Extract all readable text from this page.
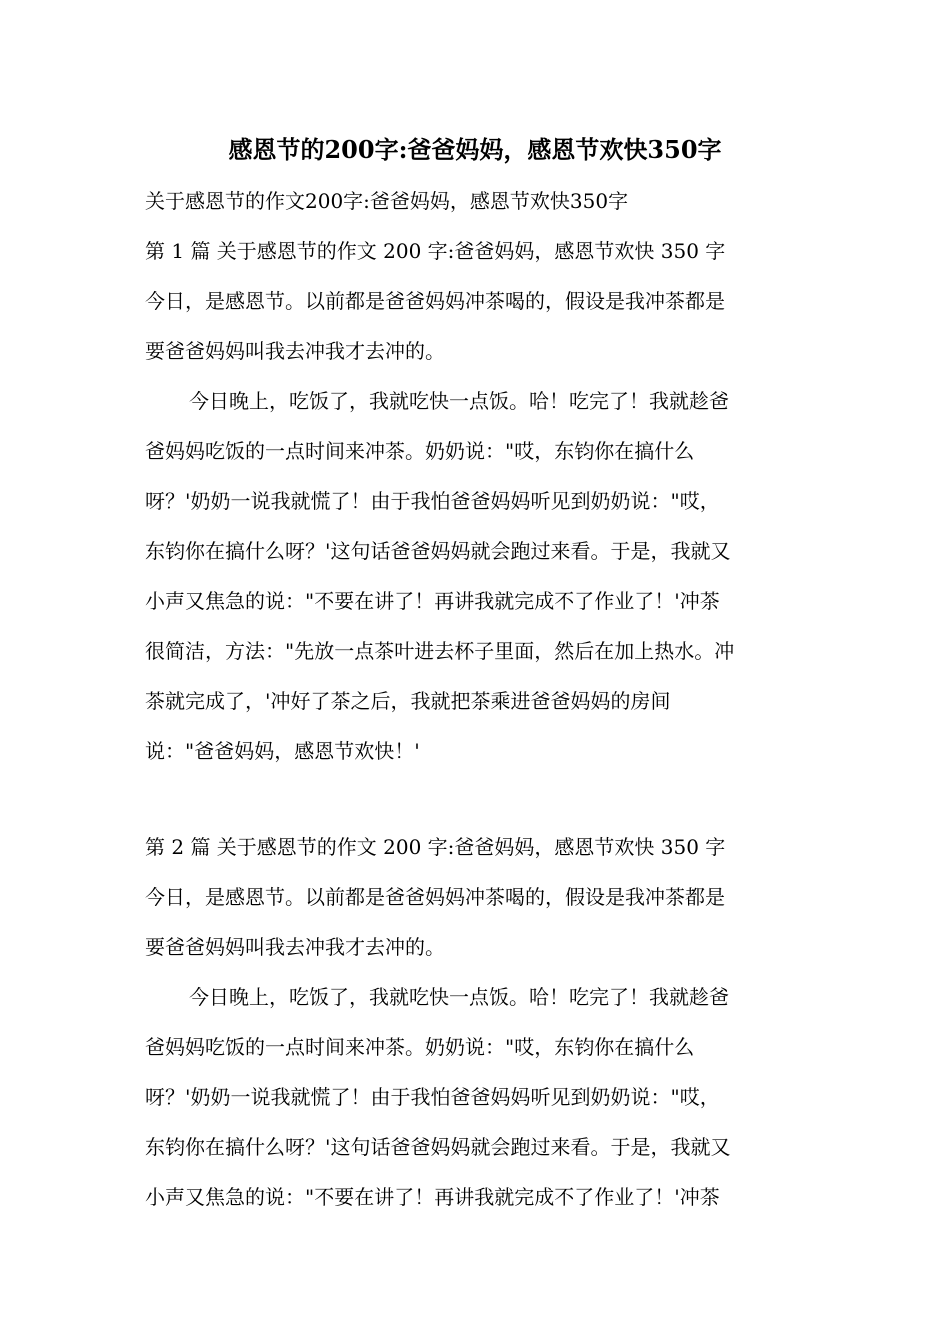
感恩节的200字:爸爸妈妈，感恩节欢快350字
关于感恩节的作文200字:爸爸妈妈，感恩节欢快350字
第 1 篇 关于感恩节的作文 200 字:爸爸妈妈，感恩节欢快 350 字
今日，是感恩节。以前都是爸爸妈妈冲茶喝的，假设是我冲茶都是
要爸爸妈妈叫我去冲我才去冲的。
今日晚上，吃饭了，我就吃快一点饭。哈！吃完了！我就趁爸
爸妈妈吃饭的一点时间来冲茶。奶奶说："哎，东钧你在搞什么
呀？'奶奶一说我就慌了！由于我怕爸爸妈妈听见到奶奶说："哎，
东钧你在搞什么呀？'这句话爸爸妈妈就会跑过来看。于是，我就又
小声又焦急的说："不要在讲了！再讲我就完成不了作业了！'冲茶
很简洁，方法："先放一点茶叶进去杯子里面，然后在加上热水。冲
茶就完成了，'冲好了茶之后，我就把茶乘进爸爸妈妈的房间
说："爸爸妈妈，感恩节欢快！'
第 2 篇 关于感恩节的作文 200 字:爸爸妈妈，感恩节欢快 350 字
今日，是感恩节。以前都是爸爸妈妈冲茶喝的，假设是我冲茶都是
要爸爸妈妈叫我去冲我才去冲的。
今日晚上，吃饭了，我就吃快一点饭。哈！吃完了！我就趁爸
爸妈妈吃饭的一点时间来冲茶。奶奶说："哎，东钧你在搞什么
呀？'奶奶一说我就慌了！由于我怕爸爸妈妈听见到奶奶说："哎，
东钧你在搞什么呀？'这句话爸爸妈妈就会跑过来看。于是，我就又
小声又焦急的说："不要在讲了！再讲我就完成不了作业了！'冲茶
